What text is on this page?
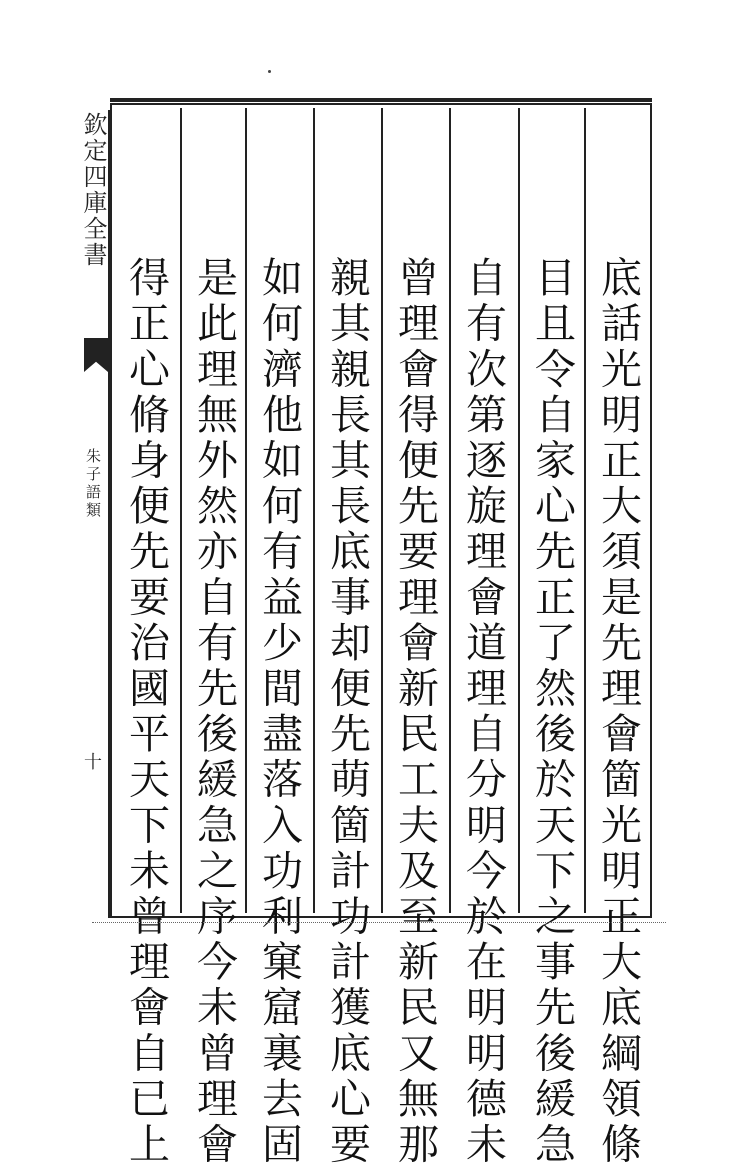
欽定四庫全書
朱子語類
十	底話光明正大須是先理會箇光明正大底綱領條
目且令自家心先正了然後於天下之事先後緩急
自有次第逐旋理會道理自分明今於在明明德未
曾理會得便先要理會新民工夫及至新民又無那
親其親長其長底事却便先萌箇計功計獲底心要
如何濟他如何有益少間盡落入功利窠窟裏去固
是此理無外然亦自有先後緩急之序今未曾理會
得正心脩身便先要治國平天下未曾理會自已上
